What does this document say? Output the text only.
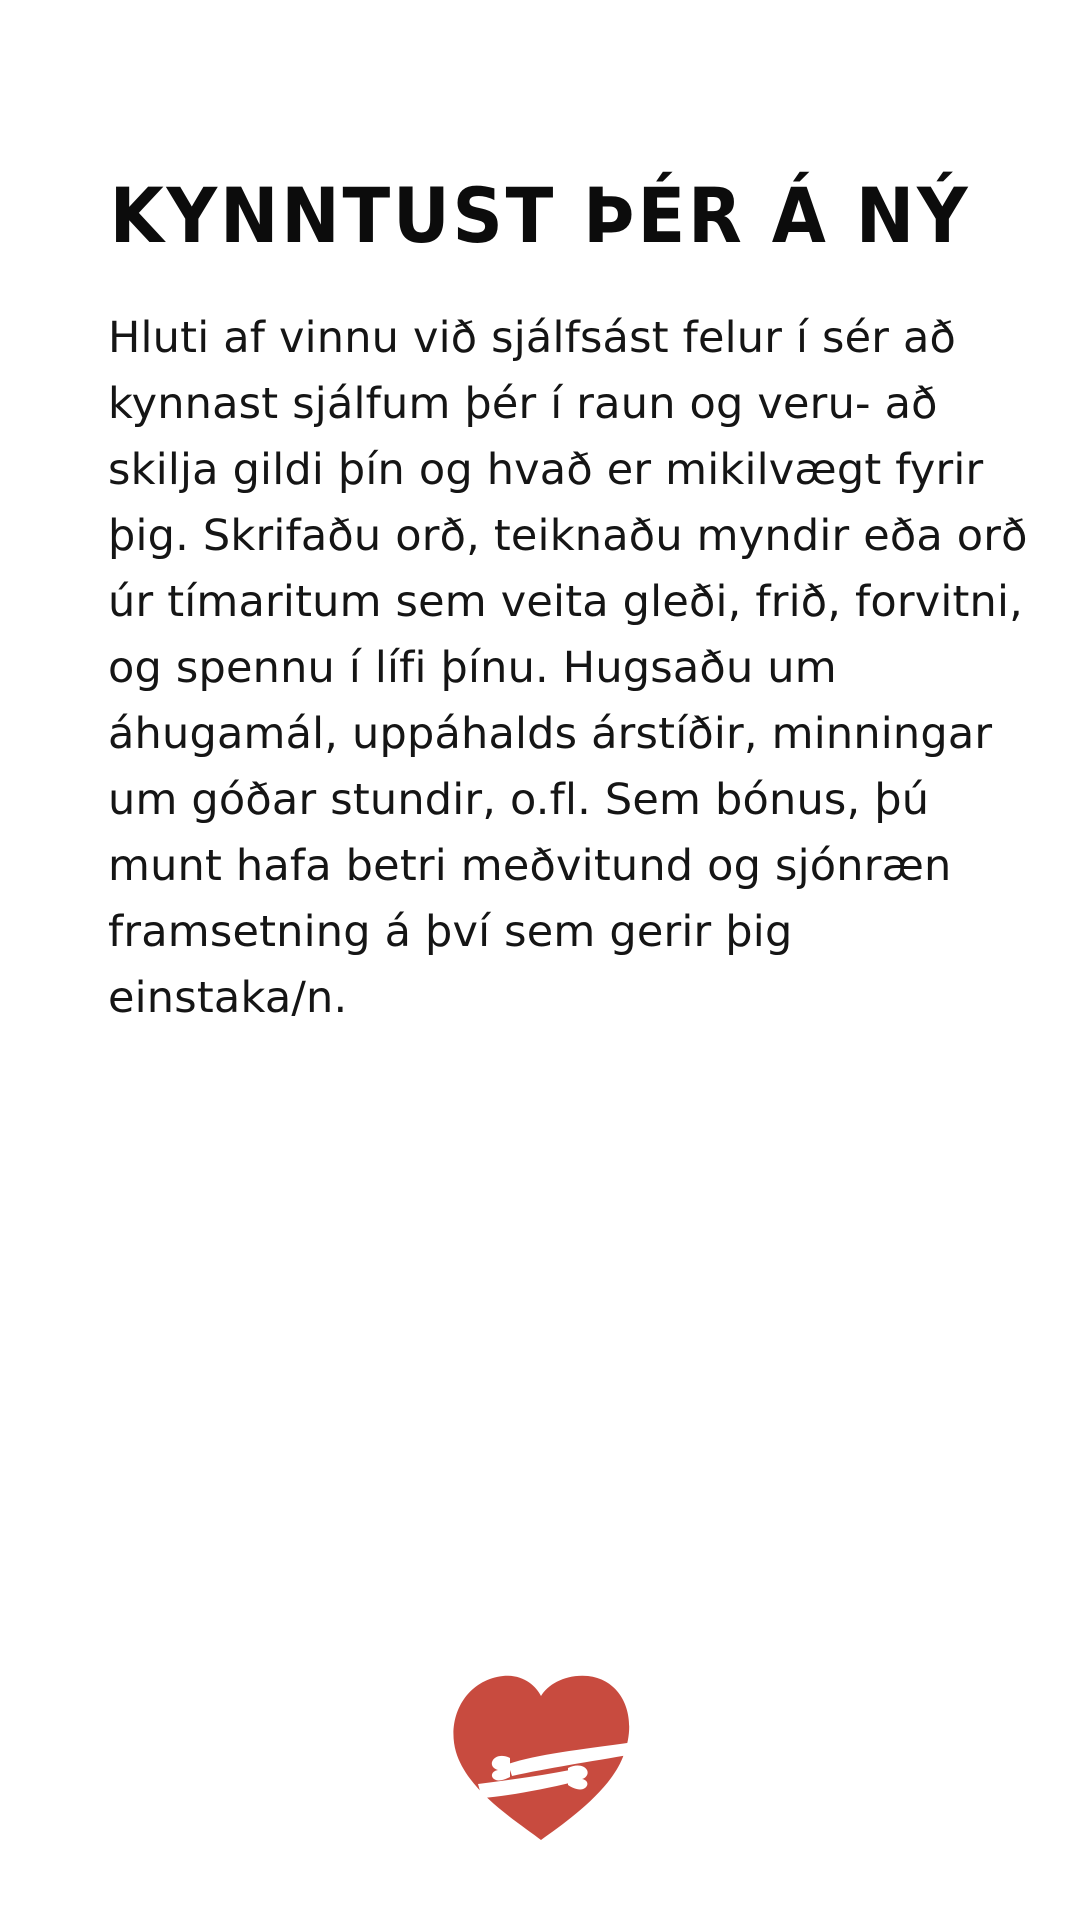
KYNNTUST ÞÉR Á NÝ

Hluti af vinnu við sjálfsást felur í sér að kynnast sjálfum þér í raun og veru- að skilja gildi þín og hvað er mikilvægt fyrir þig. Skrifaðu orð, teiknaðu myndir eða orð úr tímaritum sem veita gleði, frið, forvitni, og spennu í lífi þínu. Hugsaðu um áhugamál, uppáhalds árstíðir, minningar um góðar stundir, o.fl. Sem bónus, þú munt hafa betri meðvitund og sjónræn framsetning á því sem gerir þig einstaka/n.
